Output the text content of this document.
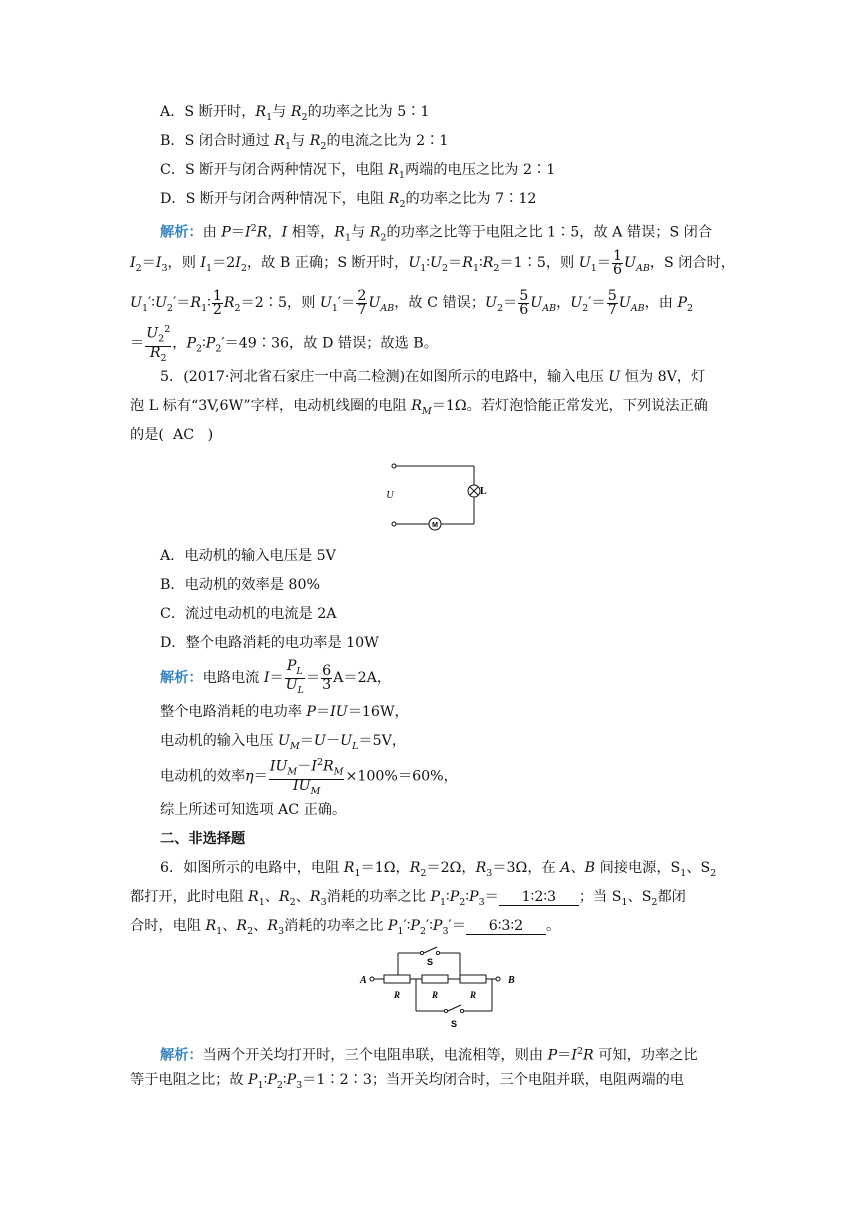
A．S 断开时，$R_1$与 $R_2$的功率之比为 5∶1
B．S 闭合时通过 $R_1$与 $R_2$的电流之比为 2∶1
C．S 断开与闭合两种情况下，电阻 $R_1$两端的电压之比为 2∶1
D．S 断开与闭合两种情况下，电阻 $R_2$的功率之比为 7∶12
解析：由 $P=I^2R$，I 相等，$R_1$与 $R_2$的功率之比等于电阻之比 1∶5，故 A 错误；S 闭合
$I_2=I_3$，则 $I_1=2I_2$，故 B 正确；S 断开时，$U_1∶U_2=R_1∶R_2=1∶5$，则 $U_1= \frac{1}{6} U_{AB}$，S 闭合时，
$U_1'∶U_2'=R_1∶ \frac{1}{2}$ $R_2=2∶5$，则 $U_1'= \frac{2}{7} U_{AB}$，故 C 错误；$U_2= \frac{5}{6} U_{AB}$，$U_2'= \frac{5}{7} U_{AB}$，由 $P_2$
＝ $\frac{U_2^2}{R_2}$ ，$P_2∶P_2'=49∶36$，故 D 错误；故选 B。
5．(2017·河北省石家庄一中高二检测)在如图所示的电路中，输入电压 U 恒为 8V，灯
泡 L 标有“3V,6W”字样，电动机线圈的电阻 $R_M=1\Omega$。若灯泡恰能正常发光，下列说法正确
的是( AC )
U	L
M
A．电动机的输入电压是 5V
B．电动机的效率是 80%
C．流过电动机的电流是 2A
D．整个电路消耗的电功率是 10W
解析：电路电流 $I= \frac{P_L}{U_L} = \frac{6}{3} A=2A$，
整个电路消耗的电功率 P＝IU＝16W，
电动机的输入电压 $U_M=U-U_L=5V$，
电动机的效率$\eta= \frac{IU_M-I^2R_M}{IU_M} \times 100\%=60\%$，
综上所述可知选项 AC 正确。
二、非选择题
6．如图所示的电路中，电阻 $R_1=1\Omega$，$R_2=2\Omega$，$R_3=3\Omega$，在 A、B 间接电源，$S_1$、$S_2$
都打开，此时电阻 $R_1$、$R_2$、$R_3$消耗的功率之比 $P_1∶P_2∶P_3=$ 1∶2∶3 ；当 $S_1$、$S_2$都闭
合时，电阻 $R_1$、$R_2$、$R_3$消耗的功率之比 $P_1'∶P_2'∶P_3'=$ 6∶3∶2 。
S
A	B
R	R	R
S
解析：当两个开关均打开时，三个电阻串联，电流相等，则由 $P=I^2R$ 可知，功率之比
等于电阻之比；故 $P_1∶P_2∶P_3=1∶2∶3$；当开关均闭合时，三个电阻并联，电阻两端的电
